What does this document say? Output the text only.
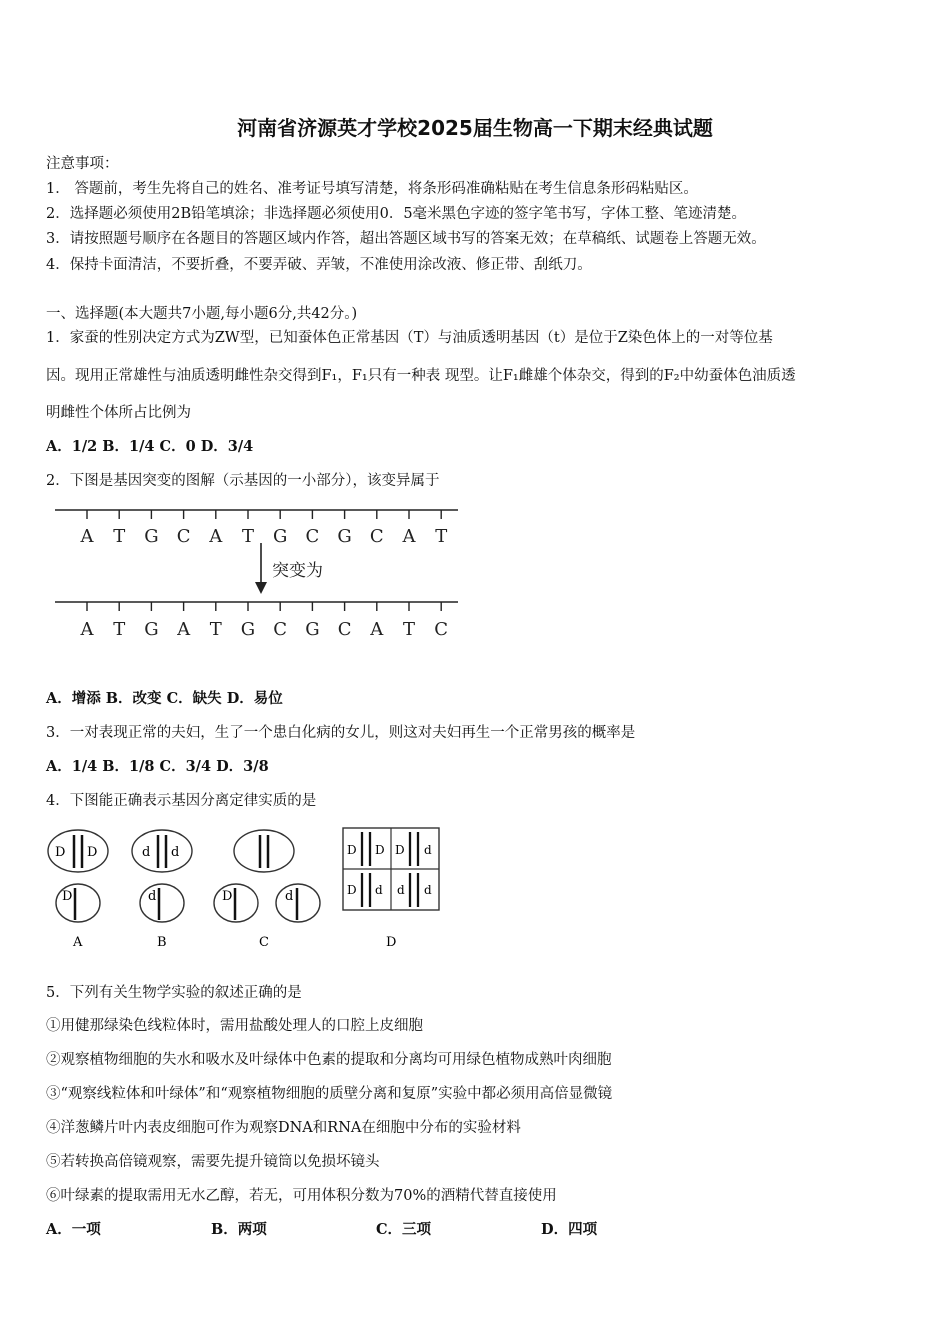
河南省济源英才学校2025届生物高一下期末经典试题
注意事项：
1． 答题前，考生先将自己的姓名、准考证号填写清楚，将条形码准确粘贴在考生信息条形码粘贴区。
2．选择题必须使用2B铅笔填涂；非选择题必须使用0．5毫米黑色字迹的签字笔书写，字体工整、笔迹清楚。
3．请按照题号顺序在各题目的答题区域内作答，超出答题区域书写的答案无效；在草稿纸、试题卷上答题无效。
4．保持卡面清洁，不要折叠，不要弄破、弄皱，不准使用涂改液、修正带、刮纸刀。
一、选择题(本大题共7小题,每小题6分,共42分。)
1．家蚕的性别决定方式为ZW型，已知蚕体色正常基因（T）与油质透明基因（t）是位于Z染色体上的一对等位基
因。现用正常雄性与油质透明雌性杂交得到F₁，F₁只有一种表 现型。让F₁雌雄个体杂交，得到的F₂中幼蚕体色油质透
明雌性个体所占比例为
A．1/2 B．1/4 C．0 D．3/4
2．下图是基因突变的图解（示基因的一小部分），该变异属于
A T G C A T G C G C A T
突变为
A T G A T G C G C A T C
A．增添 B．改变 C．缺失 D．易位
3．一对表现正常的夫妇，生了一个患白化病的女儿，则这对夫妇再生一个正常男孩的概率是
A．1/4 B．1/8 C．3/4 D．3/8
4．下图能正确表示基因分离定律实质的是
D D
D
A
d d
d
B
D	d
C
D D D d
D d d d
D
5．下列有关生物学实验的叙述正确的是
①用健那绿染色线粒体时，需用盐酸处理人的口腔上皮细胞
②观察植物细胞的失水和吸水及叶绿体中色素的提取和分离均可用绿色植物成熟叶肉细胞
③“观察线粒体和叶绿体”和“观察植物细胞的质壁分离和复原”实验中都必须用高倍显微镜
④洋葱鳞片叶内表皮细胞可作为观察DNA和RNA在细胞中分布的实验材料
⑤若转换高倍镜观察，需要先提升镜筒以免损坏镜头
⑥叶绿素的提取需用无水乙醇，若无，可用体积分数为70%的酒精代替直接使用
A．一项	B．两项	C．三项	D．四项
